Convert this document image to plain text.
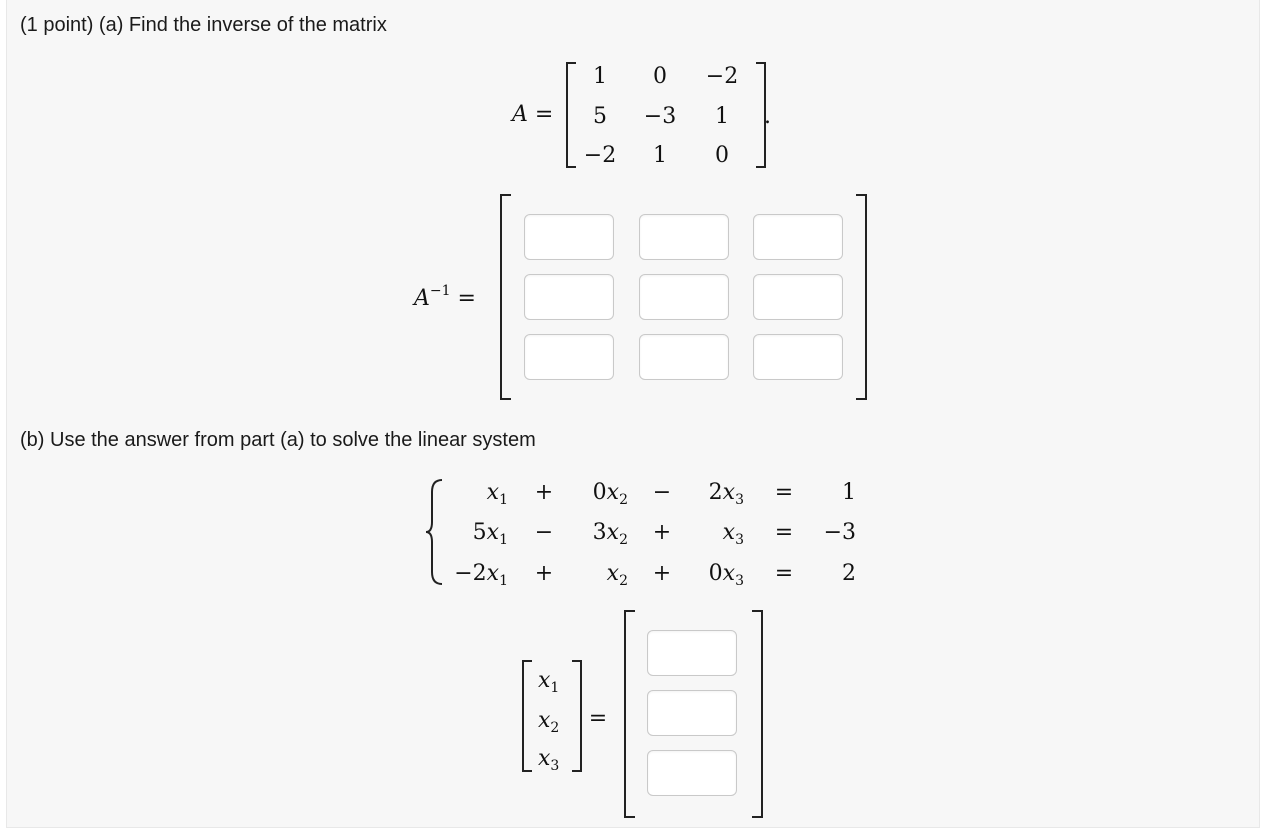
(1 point) (a) Find the inverse of the matrix
A =
1	0	−2
5	−3	1
−2	1	0
.
$A^{-1}$ =
(b) Use the answer from part (a) to solve the linear system
$x_1$ +	$0x_2$ −	$2x_3$ =	1
$5x_1$ −	$3x_2$ +	$x_3$ =	−3
$-2x_1$ +	$x_2$ +	$0x_3$ =	2
$x_1$
$x_2$
$x_3$
=
